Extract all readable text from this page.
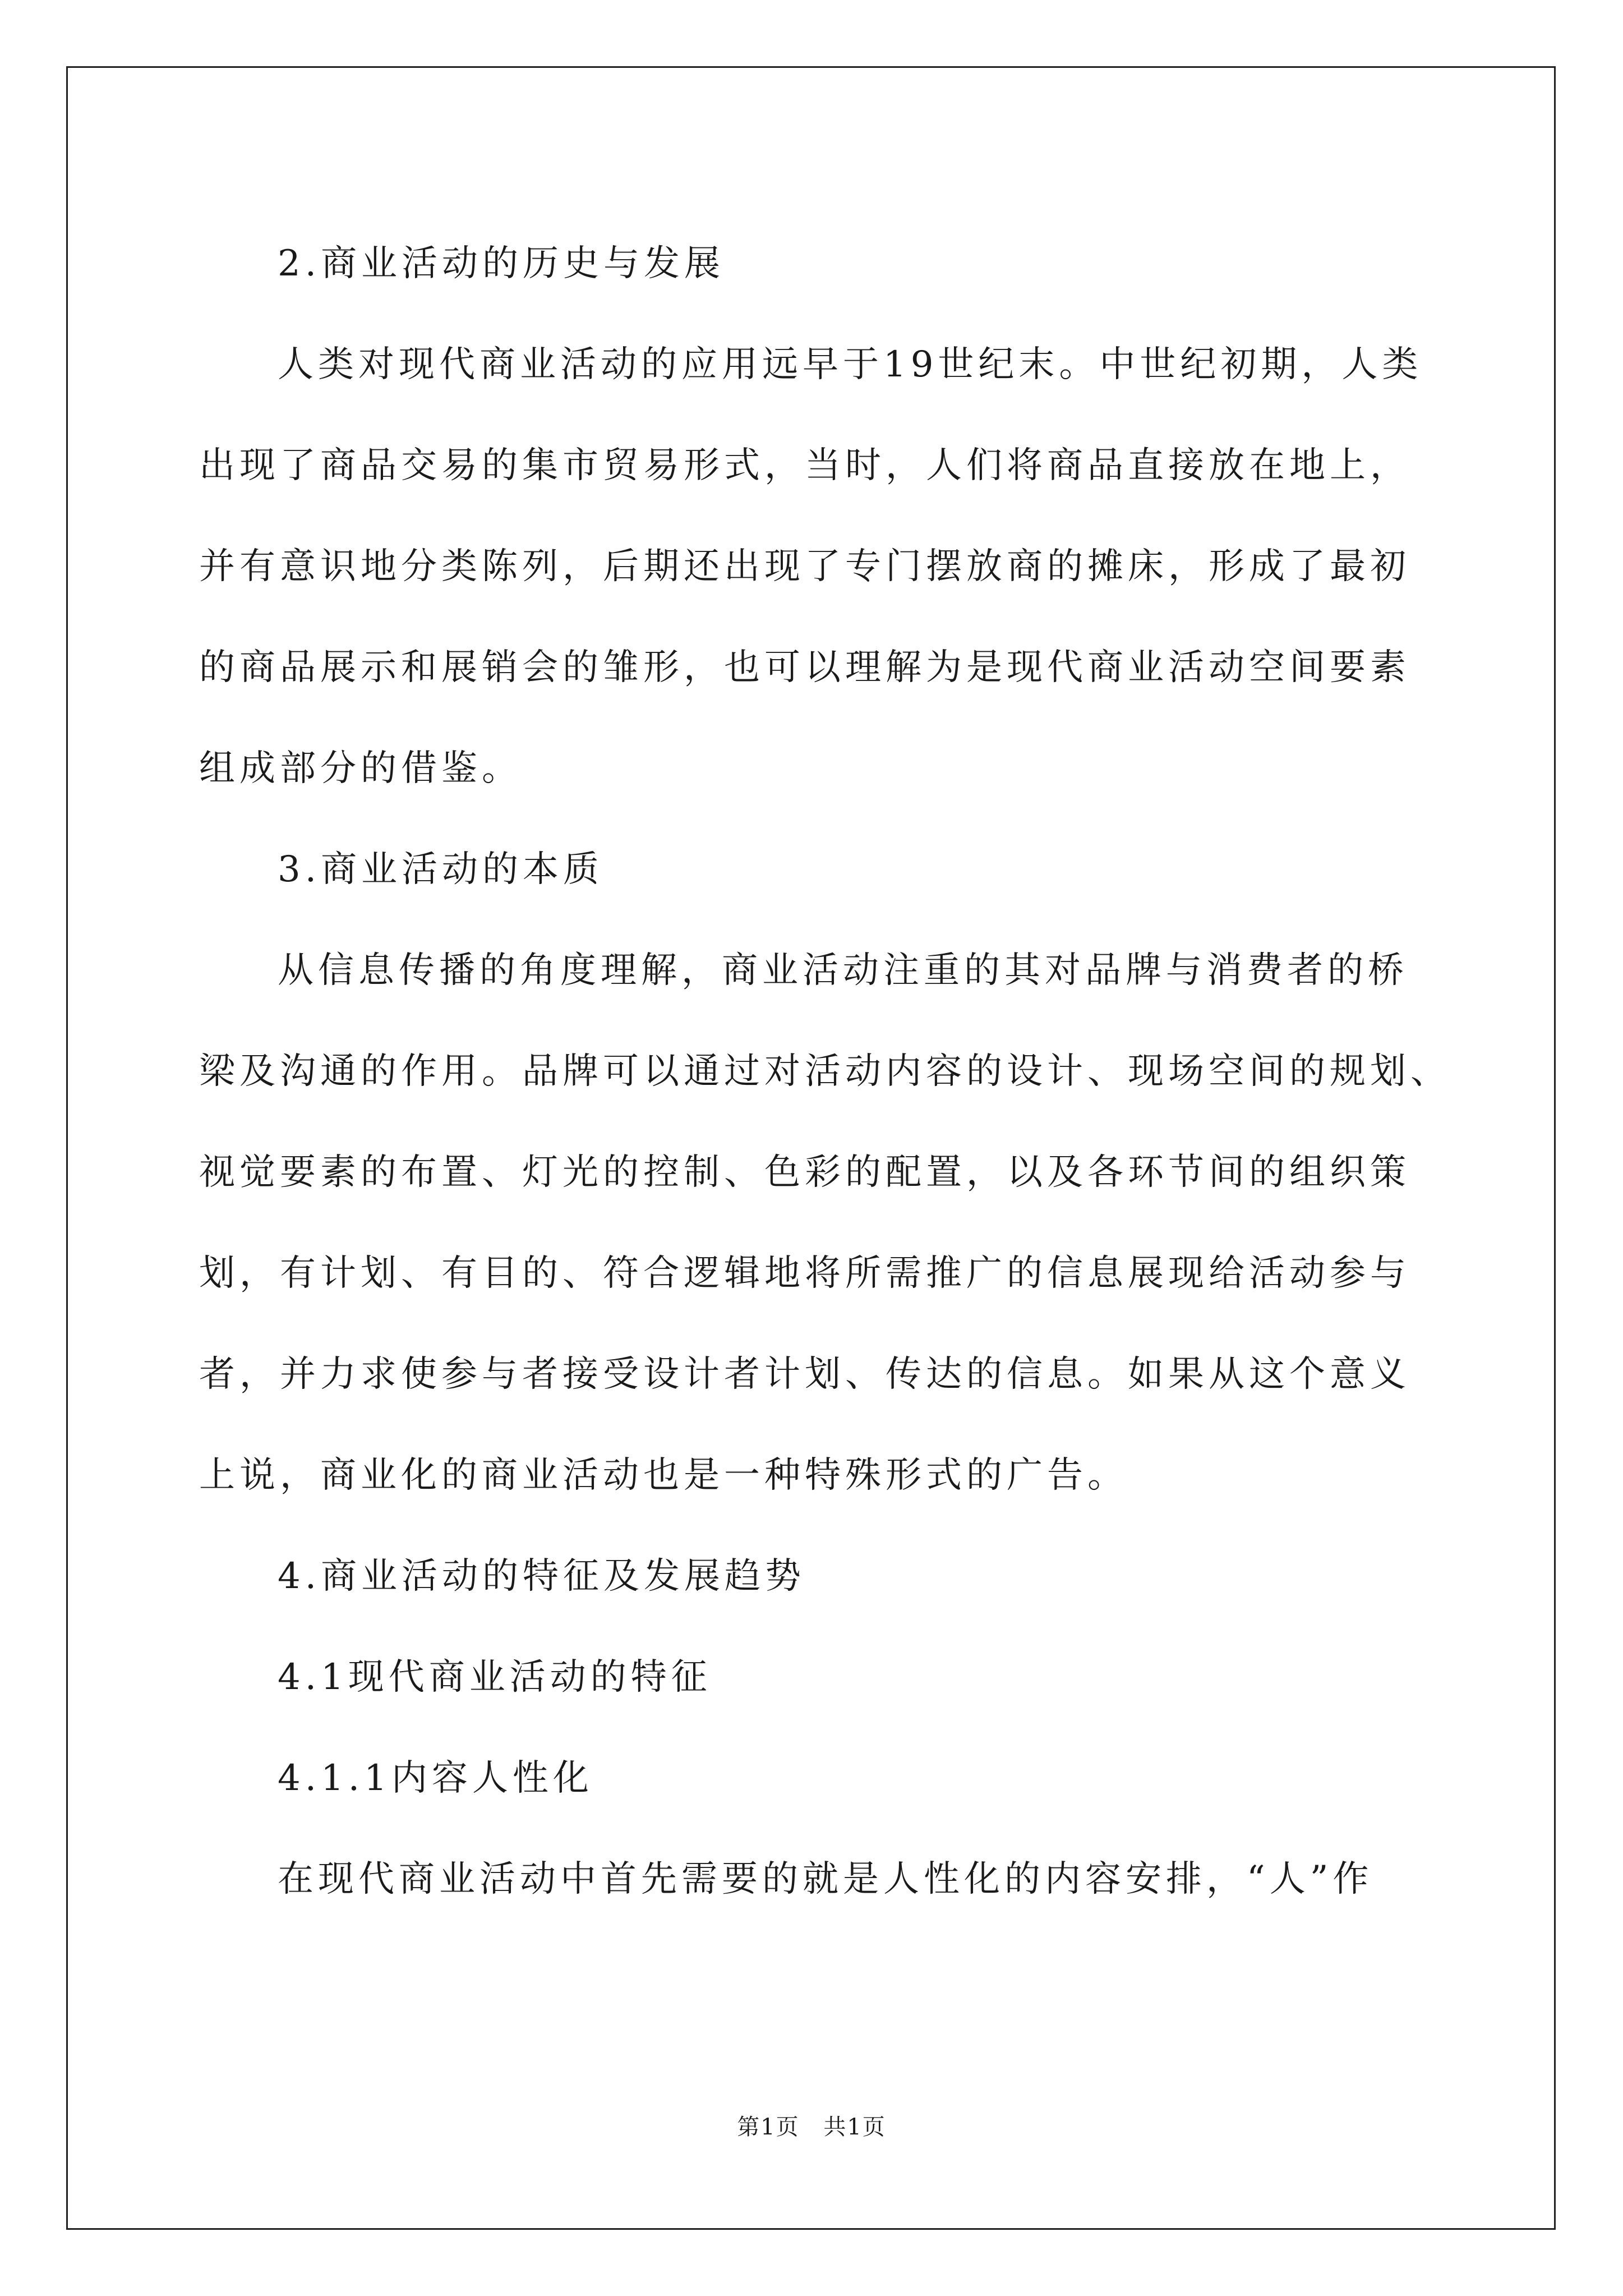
2.商业活动的历史与发展

人类对现代商业活动的应用远早于19世纪末。中世纪初期，人类
出现了商品交易的集市贸易形式，当时，人们将商品直接放在地上，
并有意识地分类陈列，后期还出现了专门摆放商的摊床，形成了最初
的商品展示和展销会的雏形，也可以理解为是现代商业活动空间要素
组成部分的借鉴。

3.商业活动的本质

从信息传播的角度理解，商业活动注重的其对品牌与消费者的桥
梁及沟通的作用。品牌可以通过对活动内容的设计、现场空间的规划、
视觉要素的布置、灯光的控制、色彩的配置，以及各环节间的组织策
划，有计划、有目的、符合逻辑地将所需推广的信息展现给活动参与
者，并力求使参与者接受设计者计划、传达的信息。如果从这个意义
上说，商业化的商业活动也是一种特殊形式的广告。

4.商业活动的特征及发展趋势

4.1现代商业活动的特征

4.1.1内容人性化

在现代商业活动中首先需要的就是人性化的内容安排，“人”作
第1页 共1页
